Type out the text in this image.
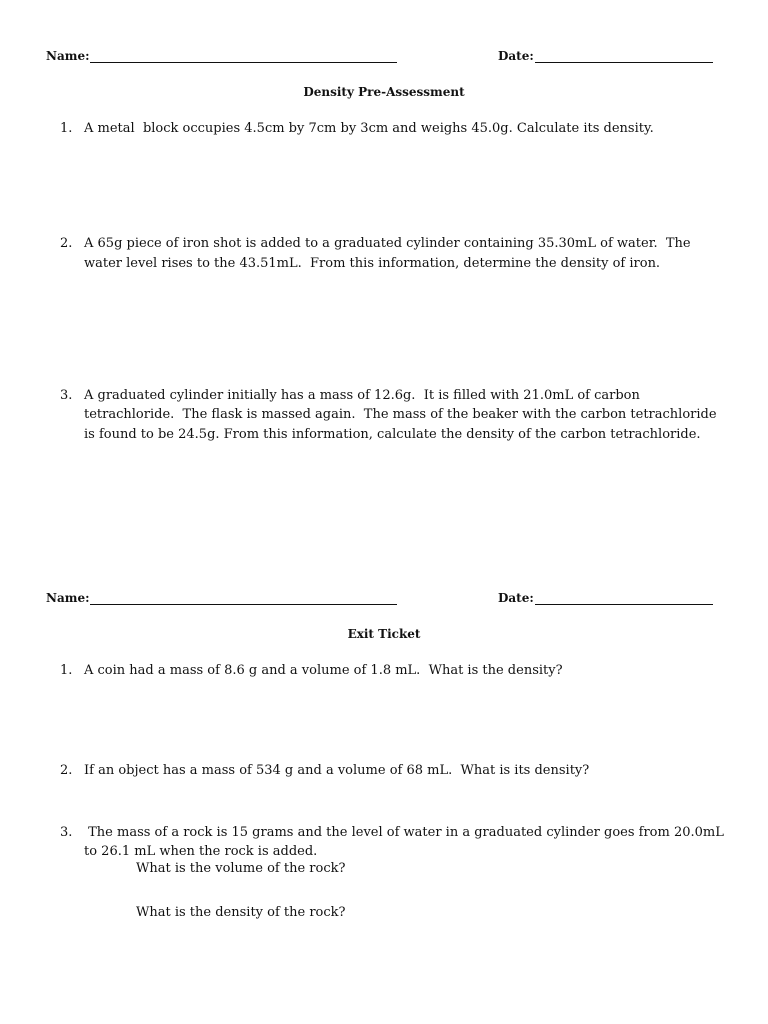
Name:	Date:
Density Pre-Assessment
1. A metal  block occupies 4.5cm by 7cm by 3cm and weighs 45.0g. Calculate its density.
2. A 65g piece of iron shot is added to a graduated cylinder containing 35.30mL of water.  The
water level rises to the 43.51mL.  From this information, determine the density of iron.
3. A graduated cylinder initially has a mass of 12.6g.  It is filled with 21.0mL of carbon
tetrachloride.  The flask is massed again.  The mass of the beaker with the carbon tetrachloride
is found to be 24.5g. From this information, calculate the density of the carbon tetrachloride.
Name:	Date:
Exit Ticket
1. A coin had a mass of 8.6 g and a volume of 1.8 mL.  What is the density?
2. If an object has a mass of 534 g and a volume of 68 mL.  What is its density?
3. The mass of a rock is 15 grams and the level of water in a graduated cylinder goes from 20.0mL
to 26.1 mL when the rock is added.
What is the volume of the rock?
What is the density of the rock?
